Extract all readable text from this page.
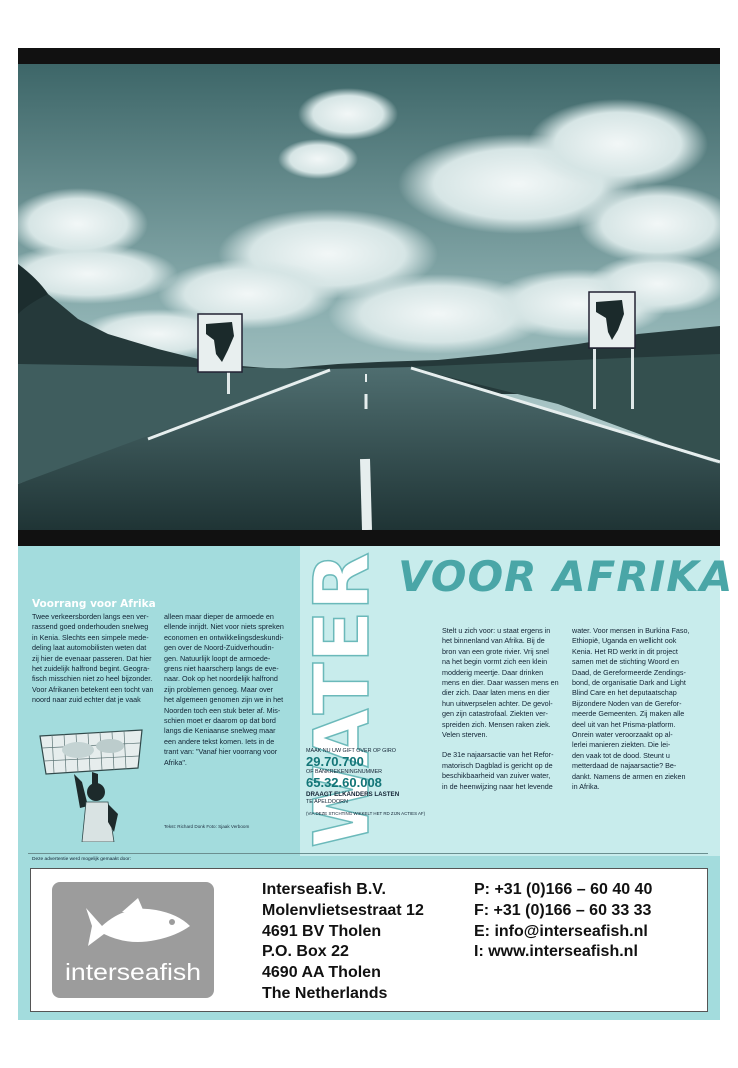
WATER VOOR AFRIKA
Voorrang voor Afrika
Twee verkeersborden langs een ver-
rassend goed onderhouden snelweg
in Kenia. Slechts een simpele mede-
deling laat automobilisten weten dat
zij hier de evenaar passeren. Dat hier
het zuidelijk halfrond begint. Geogra-
fisch misschien niet zo heel bijzonder.
Voor Afrikanen betekent een tocht van
noord naar zuid echter dat je vaak
alleen maar dieper de armoede en
ellende inrijdt. Niet voor niets spreken
economen en ontwikkelingsdeskundi-
gen over de Noord-Zuidverhoudin-
gen. Natuurlijk loopt de armoede-
grens niet haarscherp langs de eve-
naar. Ook op het noordelijk halfrond
zijn problemen genoeg. Maar over
het algemeen genomen zijn we in het
Noorden toch een stuk beter af. Mis-
schien moet er daarom op dat bord
langs die Keniaanse snelweg maar
een andere tekst komen. Iets in de
trant van: "Vanaf hier voorrang voor
Afrika".
Tekst: Richard Donk Foto: Sjaak Verboom
MAAK NU UW GIFT OVER OP GIRO
29.70.700
OF BANKREKENINGNUMMER
65.32.60.008
DRAAGT ELKANDERS LASTEN
TE APELDOORN
(VIA DEZE STICHTING WIKKELT HET RD ZIJN ACTIES AF)
Stelt u zich voor: u staat ergens in
het binnenland van Afrika. Bij de
bron van een grote rivier. Vrij snel
na het begin vormt zich een klein
modderig meertje. Daar drinken
mens en dier. Daar wassen mens en
dier zich. Daar laten mens en dier
hun uitwerpselen achter. De gevol-
gen zijn catastrofaal. Ziekten ver-
spreiden zich. Mensen raken ziek.
Velen sterven.
De 31e najaarsactie van het Refor-
matorisch Dagblad is gericht op de
beschikbaarheid van zuiver water,
in de heenwijzing naar het levende
water. Voor mensen in Burkina Faso,
Ethiopië, Uganda en wellicht ook
Kenia. Het RD werkt in dit project
samen met de stichting Woord en
Daad, de Gereformeerde Zendings-
bond, de organisatie Dark and Light
Blind Care en het deputaatschap
Bijzondere Noden van de Gerefor-
meerde Gemeenten. Zij maken alle
deel uit van het Prisma-platform.
Onrein water veroorzaakt op al-
lerlei manieren ziekten. Die lei-
den vaak tot de dood. Steunt u
metterdaad de najaarsactie? Be-
dankt. Namens de armen en zieken
in Afrika.
Deze advertentie werd mogelijk gemaakt door:
interseafish
Interseafish B.V.
Molenvlietsestraat 12
4691 BV Tholen
P.O. Box 22
4690 AA Tholen
The Netherlands
P: +31 (0)166 – 60 40 40
F: +31 (0)166 – 60 33 33
E: info@interseafish.nl
I: www.interseafish.nl
